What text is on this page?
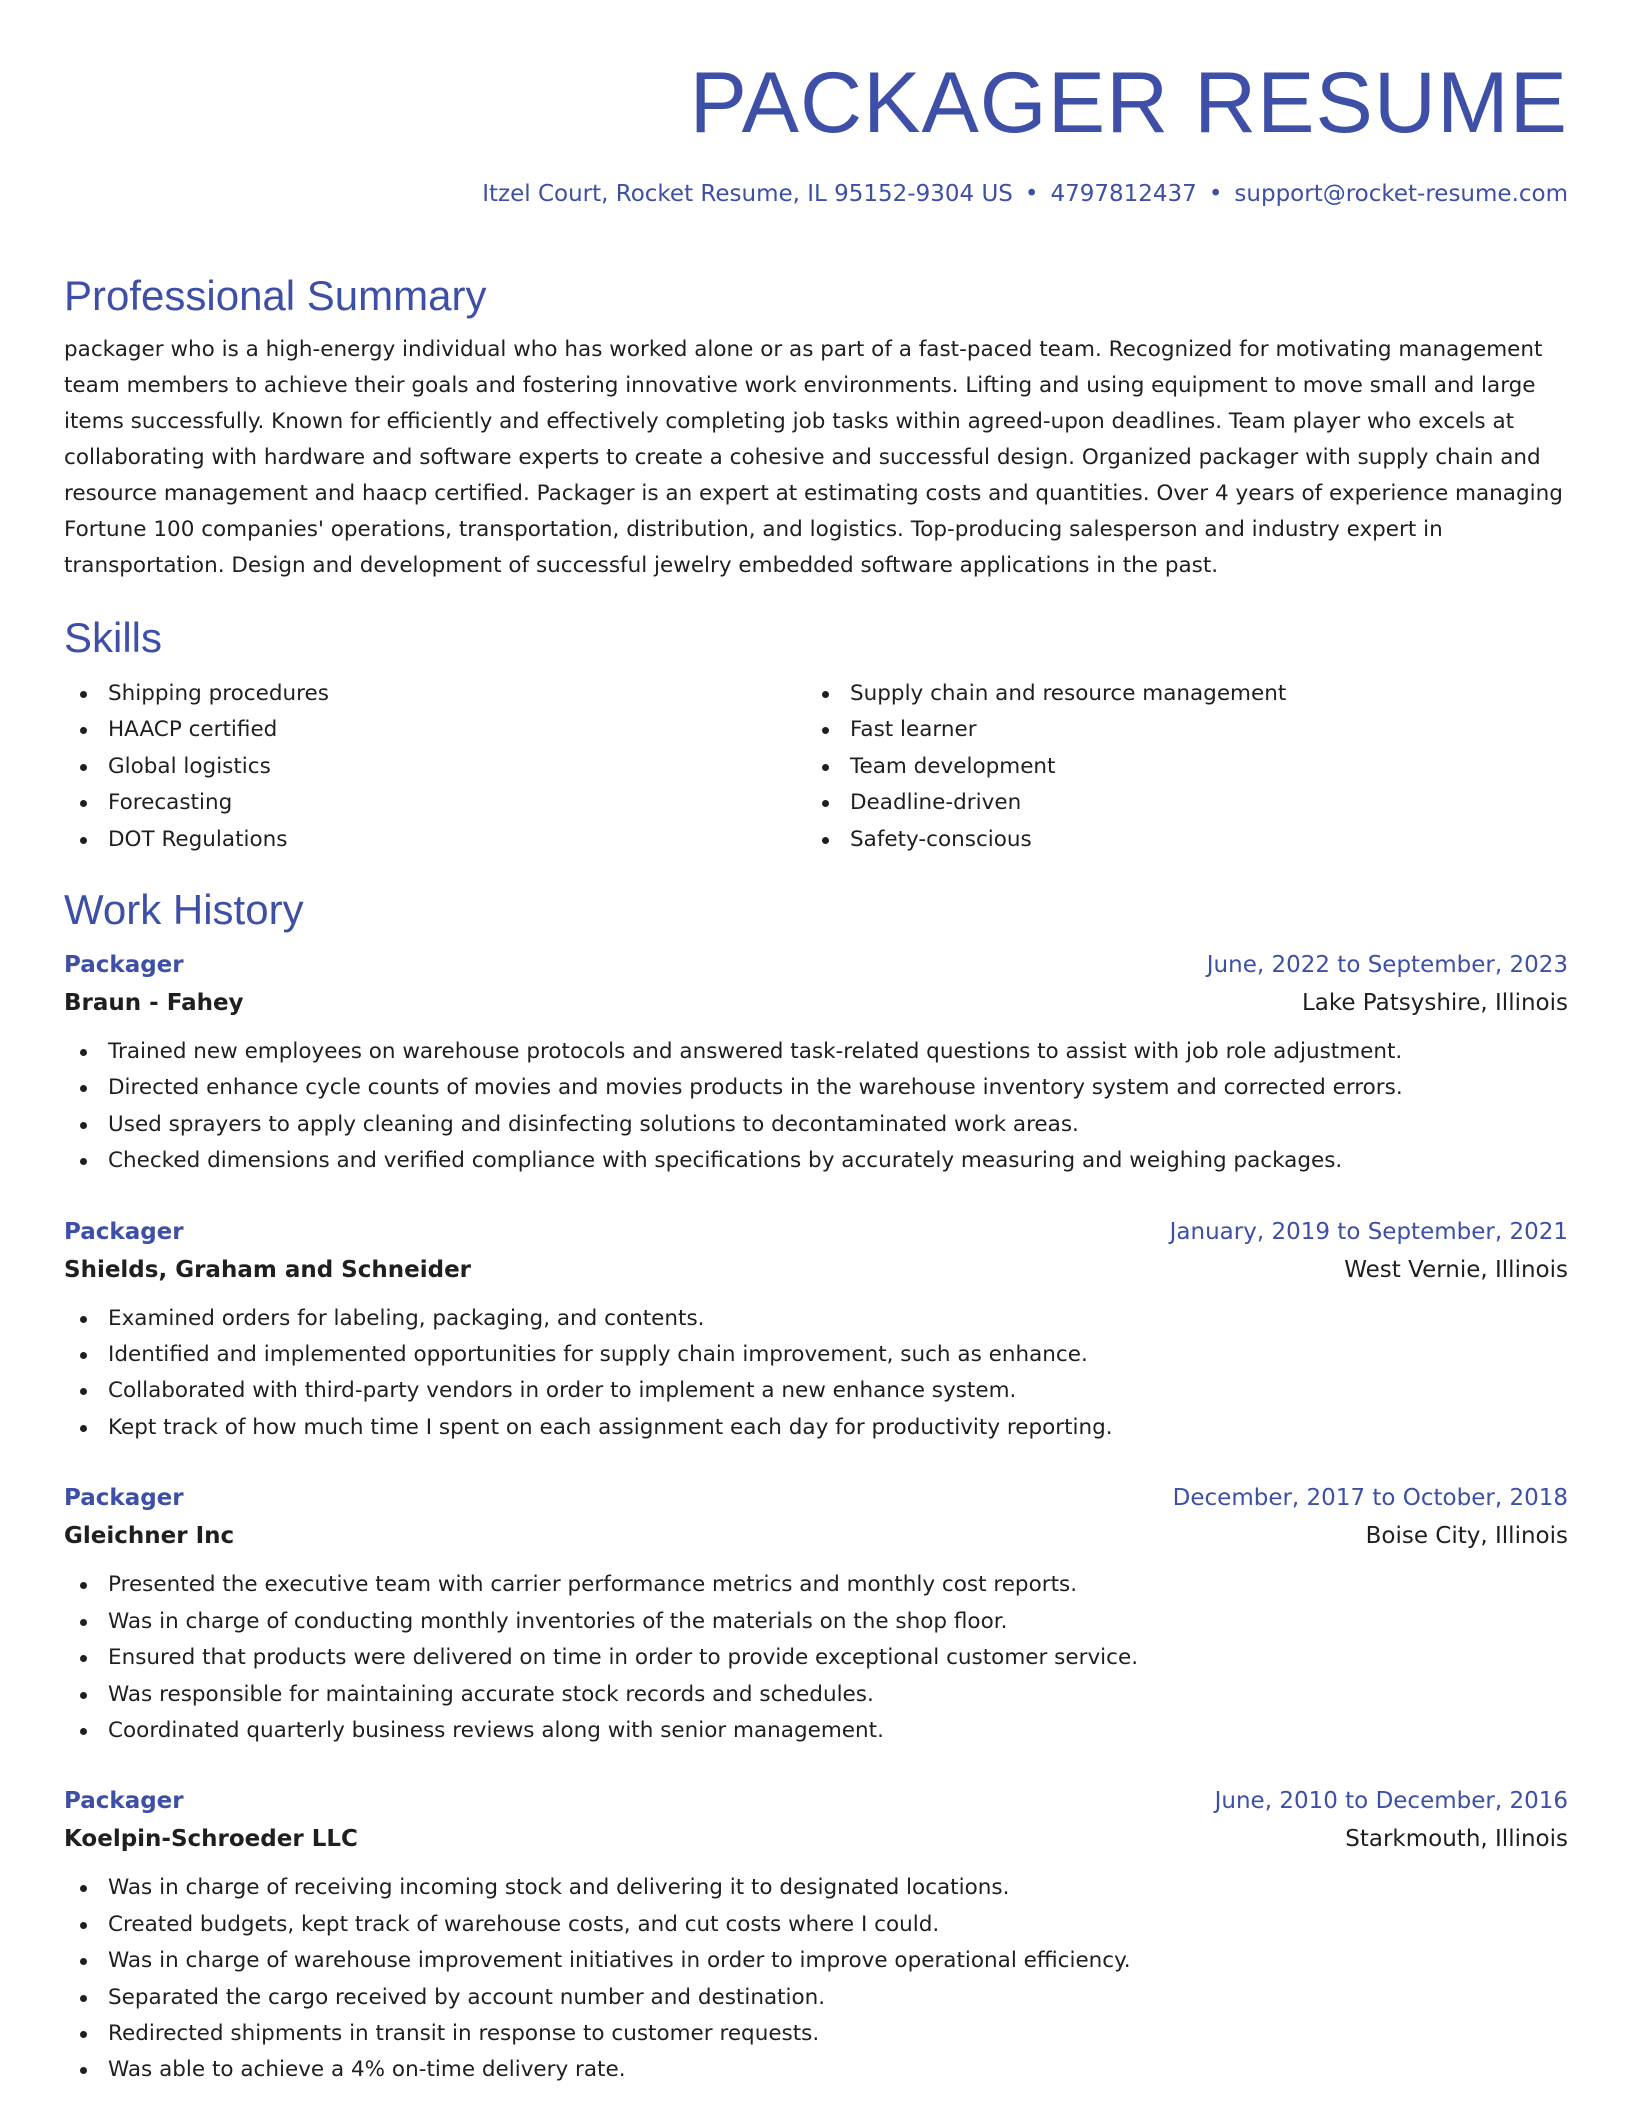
PACKAGER RESUME
Itzel Court, Rocket Resume, IL 95152-9304 US • 4797812437 • support@rocket-resume.com
Professional Summary

packager who is a high-energy individual who has worked alone or as part of a fast-paced team. Recognized for motivating management team members to achieve their goals and fostering innovative work environments. Lifting and using equipment to move small and large items successfully. Known for efficiently and effectively completing job tasks within agreed-upon deadlines. Team player who excels at collaborating with hardware and software experts to create a cohesive and successful design. Organized packager with supply chain and resource management and haacp certified. Packager is an expert at estimating costs and quantities. Over 4 years of experience managing Fortune 100 companies' operations, transportation, distribution, and logistics. Top-producing salesperson and industry expert in transportation. Design and development of successful jewelry embedded software applications in the past.

Skills
Shipping procedures
HAACP certified
Global logistics
Forecasting
DOT Regulations
Supply chain and resource management
Fast learner
Team development
Deadline-driven
Safety-conscious
Work History
Packager	June, 2022 to September, 2023
Braun - Fahey	Lake Patsyshire, Illinois
Trained new employees on warehouse protocols and answered task-related questions to assist with job role adjustment.
Directed enhance cycle counts of movies and movies products in the warehouse inventory system and corrected errors.
Used sprayers to apply cleaning and disinfecting solutions to decontaminated work areas.
Checked dimensions and verified compliance with specifications by accurately measuring and weighing packages.
Packager	January, 2019 to September, 2021
Shields, Graham and Schneider	West Vernie, Illinois
Examined orders for labeling, packaging, and contents.
Identified and implemented opportunities for supply chain improvement, such as enhance.
Collaborated with third-party vendors in order to implement a new enhance system.
Kept track of how much time I spent on each assignment each day for productivity reporting.
Packager	December, 2017 to October, 2018
Gleichner Inc	Boise City, Illinois
Presented the executive team with carrier performance metrics and monthly cost reports.
Was in charge of conducting monthly inventories of the materials on the shop floor.
Ensured that products were delivered on time in order to provide exceptional customer service.
Was responsible for maintaining accurate stock records and schedules.
Coordinated quarterly business reviews along with senior management.
Packager	June, 2010 to December, 2016
Koelpin-Schroeder LLC	Starkmouth, Illinois
Was in charge of receiving incoming stock and delivering it to designated locations.
Created budgets, kept track of warehouse costs, and cut costs where I could.
Was in charge of warehouse improvement initiatives in order to improve operational efficiency.
Separated the cargo received by account number and destination.
Redirected shipments in transit in response to customer requests.
Was able to achieve a 4% on-time delivery rate.
